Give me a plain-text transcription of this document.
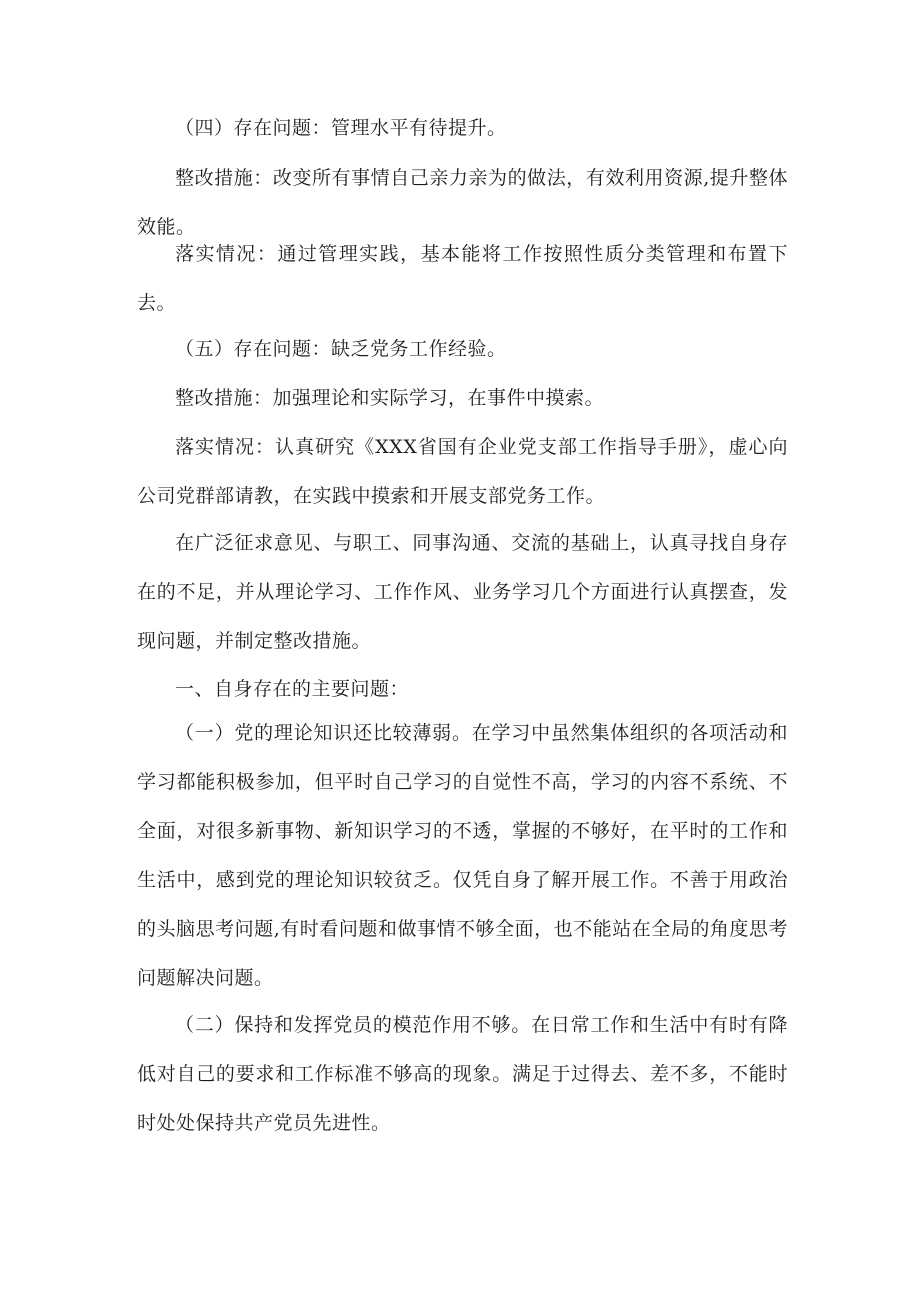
（四）存在问题：管理水平有待提升。

整改措施：改变所有事情自己亲力亲为的做法，有效利用资源,提升整体效能。

落实情况：通过管理实践，基本能将工作按照性质分类管理和布置下去。

（五）存在问题：缺乏党务工作经验。

整改措施：加强理论和实际学习，在事件中摸索。

落实情况：认真研究《XXX省国有企业党支部工作指导手册》，虚心向公司党群部请教，在实践中摸索和开展支部党务工作。

在广泛征求意见、与职工、同事沟通、交流的基础上，认真寻找自身存在的不足，并从理论学习、工作作风、业务学习几个方面进行认真摆查，发现问题，并制定整改措施。

一、自身存在的主要问题：

（一）党的理论知识还比较薄弱。在学习中虽然集体组织的各项活动和学习都能积极参加，但平时自己学习的自觉性不高，学习的内容不系统、不全面，对很多新事物、新知识学习的不透，掌握的不够好，在平时的工作和生活中，感到党的理论知识较贫乏。仅凭自身了解开展工作。不善于用政治的头脑思考问题,有时看问题和做事情不够全面，也不能站在全局的角度思考问题解决问题。

（二）保持和发挥党员的模范作用不够。在日常工作和生活中有时有降低对自己的要求和工作标准不够高的现象。满足于过得去、差不多，不能时时处处保持共产党员先进性。
